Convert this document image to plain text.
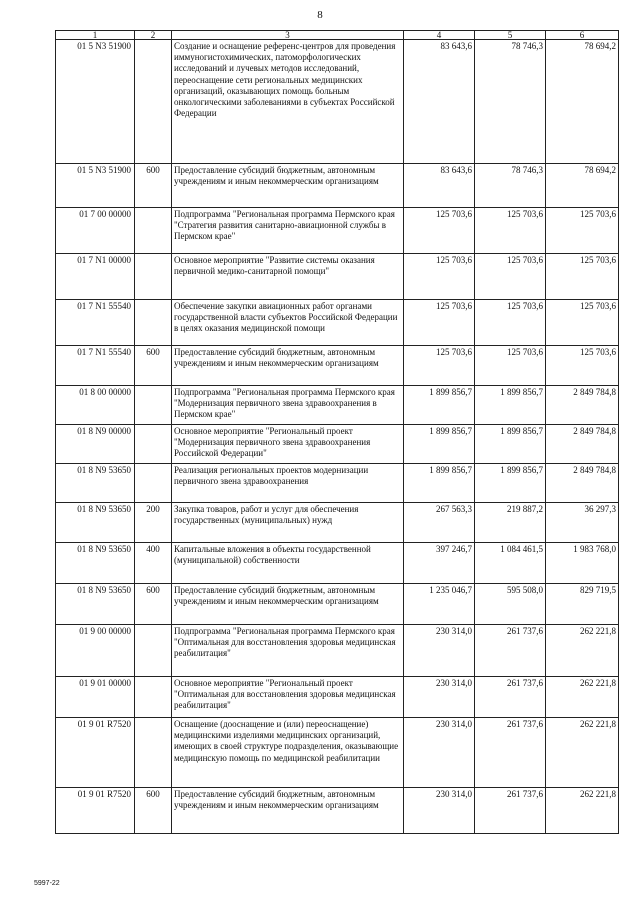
8
1	2	3	4	5	6
01 5 N3 51900		Создание и оснащение референс-центров для проведения иммуногистохимических, патоморфологических исследований и лучевых методов исследований, переоснащение сети региональных медицинских организаций, оказывающих помощь больным онкологическими заболеваниями в субъектах Российской Федерации	83 643,6	78 746,3	78 694,2
01 5 N3 51900	600	Предоставление субсидий бюджетным, автономным учреждениям и иным некоммерческим организациям	83 643,6	78 746,3	78 694,2
01 7 00 00000		Подпрограмма "Региональная программа Пермского края "Стратегия развития санитарно-авиационной службы в Пермском крае"	125 703,6	125 703,6	125 703,6
01 7 N1 00000		Основное мероприятие "Развитие системы оказания первичной медико-санитарной помощи"	125 703,6	125 703,6	125 703,6
01 7 N1 55540		Обеспечение закупки авиационных работ органами государственной власти субъектов Российской Федерации в целях оказания медицинской помощи	125 703,6	125 703,6	125 703,6
01 7 N1 55540	600	Предоставление субсидий бюджетным, автономным учреждениям и иным некоммерческим организациям	125 703,6	125 703,6	125 703,6
01 8 00 00000		Подпрограмма "Региональная программа Пермского края "Модернизация первичного звена здравоохранения в Пермском крае"	1 899 856,7	1 899 856,7	2 849 784,8
01 8 N9 00000		Основное мероприятие "Региональный проект "Модернизация первичного звена здравоохранения Российской Федерации"	1 899 856,7	1 899 856,7	2 849 784,8
01 8 N9 53650		Реализация региональных проектов модернизации первичного звена здравоохранения	1 899 856,7	1 899 856,7	2 849 784,8
01 8 N9 53650	200	Закупка товаров, работ и услуг для обеспечения государственных (муниципальных) нужд	267 563,3	219 887,2	36 297,3
01 8 N9 53650	400	Капитальные вложения в объекты государственной (муниципальной) собственности	397 246,7	1 084 461,5	1 983 768,0
01 8 N9 53650	600	Предоставление субсидий бюджетным, автономным учреждениям и иным некоммерческим организациям	1 235 046,7	595 508,0	829 719,5
01 9 00 00000		Подпрограмма "Региональная программа Пермского края "Оптимальная для восстановления здоровья медицинская реабилитация"	230 314,0	261 737,6	262 221,8
01 9 01 00000		Основное мероприятие "Региональный проект "Оптимальная для восстановления здоровья медицинская реабилитация"	230 314,0	261 737,6	262 221,8
01 9 01 R7520		Оснащение (дооснащение и (или) переоснащение) медицинскими изделиями медицинских организаций, имеющих в своей структуре подразделения, оказывающие медицинскую помощь по медицинской реабилитации	230 314,0	261 737,6	262 221,8
01 9 01 R7520	600	Предоставление субсидий бюджетным, автономным учреждениям и иным некоммерческим организациям	230 314,0	261 737,6	262 221,8
5997-22
